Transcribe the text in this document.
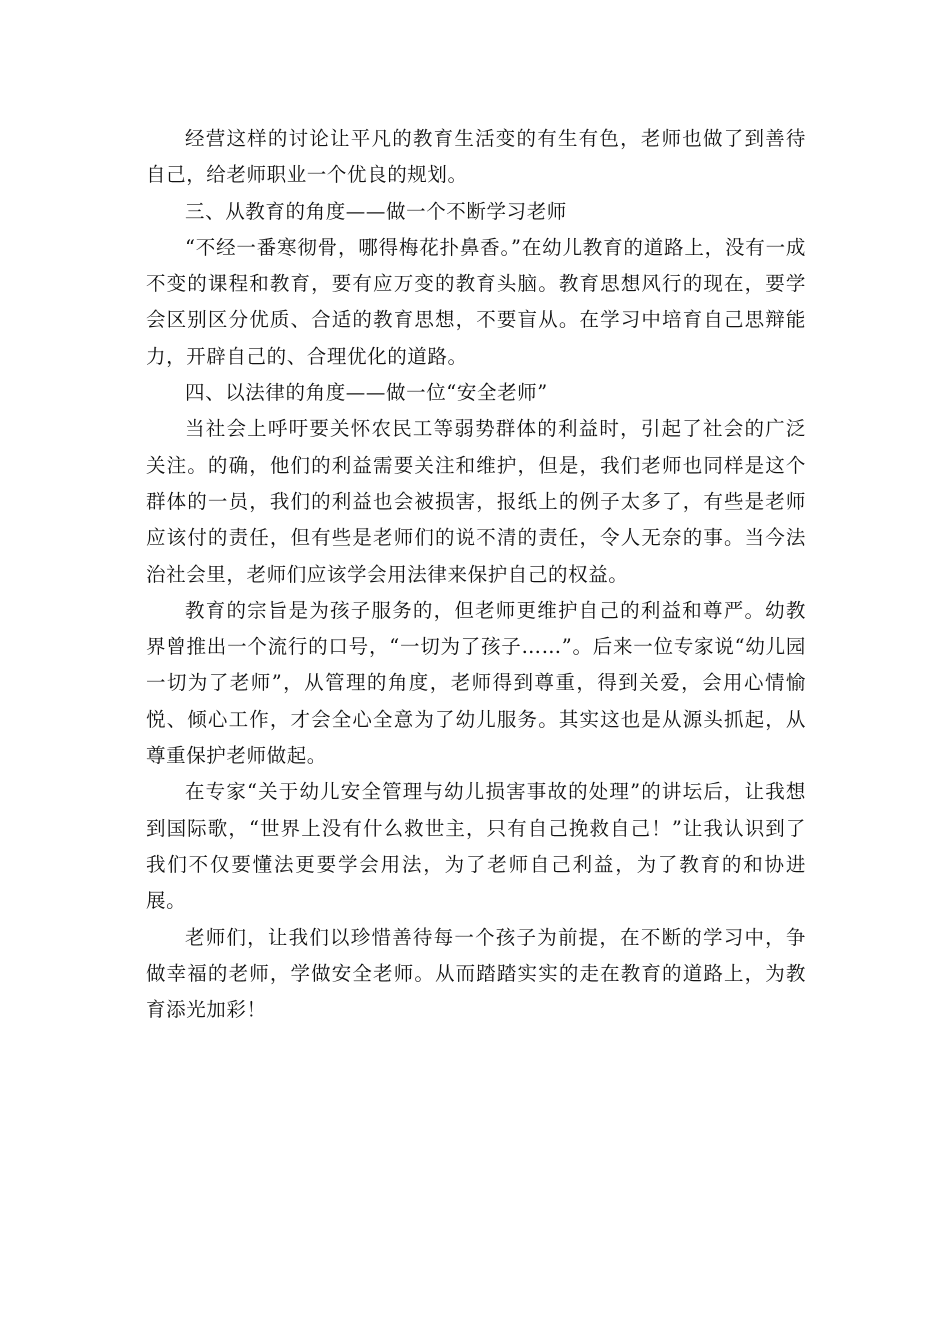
经营这样的讨论让平凡的教育生活变的有生有色，老师也做了到善待自己，给老师职业一个优良的规划。

三、从教育的角度——做一个不断学习老师

“不经一番寒彻骨，哪得梅花扑鼻香。”在幼儿教育的道路上，没有一成不变的课程和教育，要有应万变的教育头脑。教育思想风行的现在，要学会区别区分优质、合适的教育思想，不要盲从。在学习中培育自己思辩能力，开辟自己的、合理优化的道路。

四、以法律的角度——做一位“安全老师”

当社会上呼吁要关怀农民工等弱势群体的利益时，引起了社会的广泛关注。的确，他们的利益需要关注和维护，但是，我们老师也同样是这个群体的一员，我们的利益也会被损害，报纸上的例子太多了，有些是老师应该付的责任，但有些是老师们的说不清的责任，令人无奈的事。当今法治社会里，老师们应该学会用法律来保护自己的权益。

教育的宗旨是为孩子服务的，但老师更维护自己的利益和尊严。幼教界曾推出一个流行的口号，“一切为了孩子……”。后来一位专家说“幼儿园一切为了老师”，从管理的角度，老师得到尊重，得到关爱，会用心情愉悦、倾心工作，才会全心全意为了幼儿服务。其实这也是从源头抓起，从尊重保护老师做起。

在专家“关于幼儿安全管理与幼儿损害事故的处理”的讲坛后，让我想到国际歌，“世界上没有什么救世主，只有自己挽救自己！”让我认识到了我们不仅要懂法更要学会用法，为了老师自己利益，为了教育的和协进展。

老师们，让我们以珍惜善待每一个孩子为前提，在不断的学习中，争做幸福的老师，学做安全老师。从而踏踏实实的走在教育的道路上，为教育添光加彩！
